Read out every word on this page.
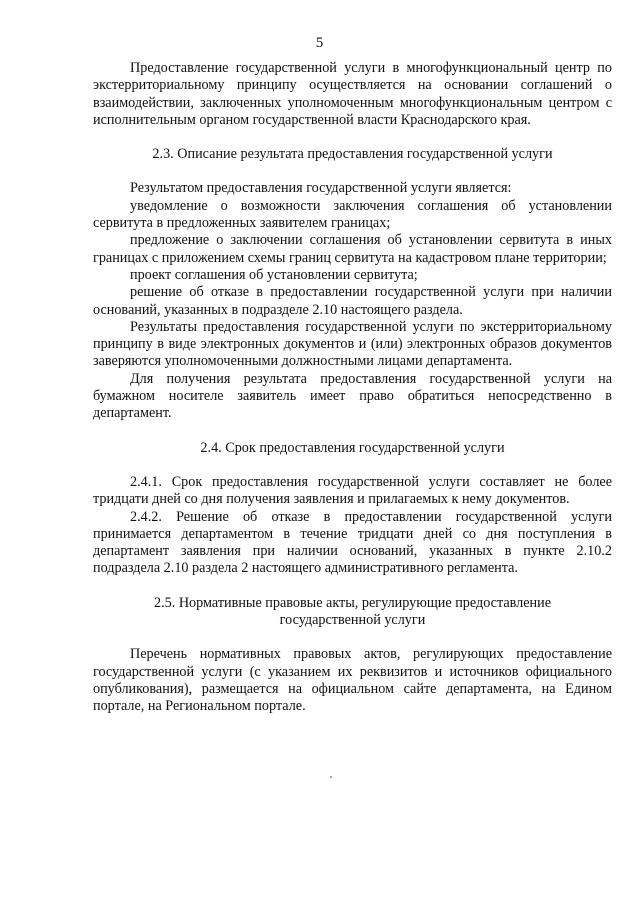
5

Предоставление государственной услуги в многофункциональный центр по экстерриториальному принципу осуществляется на основании соглашений о взаимодействии, заключенных уполномоченным многофункциональным центром с исполнительным органом государственной власти Краснодарского края.

2.3. Описание результата предоставления государственной услуги

Результатом предоставления государственной услуги является:

уведомление о возможности заключения соглашения об установлении сервитута в предложенных заявителем границах;

предложение о заключении соглашения об установлении сервитута в иных границах с приложением схемы границ сервитута на кадастровом плане территории;

проект соглашения об установлении сервитута;

решение об отказе в предоставлении государственной услуги при наличии оснований, указанных в подразделе 2.10 настоящего раздела.

Результаты предоставления государственной услуги по экстерриториальному принципу в виде электронных документов и (или) электронных образов документов заверяются уполномоченными должностными лицами департамента.

Для получения результата предоставления государственной услуги на бумажном носителе заявитель имеет право обратиться непосредственно в департамент.

2.4. Срок предоставления государственной услуги

2.4.1. Срок предоставления государственной услуги составляет не более тридцати дней со дня получения заявления и прилагаемых к нему документов.

2.4.2. Решение об отказе в предоставлении государственной услуги принимается департаментом в течение тридцати дней со дня поступления в департамент заявления при наличии оснований, указанных в пункте 2.10.2 подраздела 2.10 раздела 2 настоящего административного регламента.

2.5. Нормативные правовые акты, регулирующие предоставление

государственной услуги

Перечень нормативных правовых актов, регулирующих предоставление государственной услуги (с указанием их реквизитов и источников официального опубликования), размещается на официальном сайте департамента, на Едином портале, на Региональном портале.
